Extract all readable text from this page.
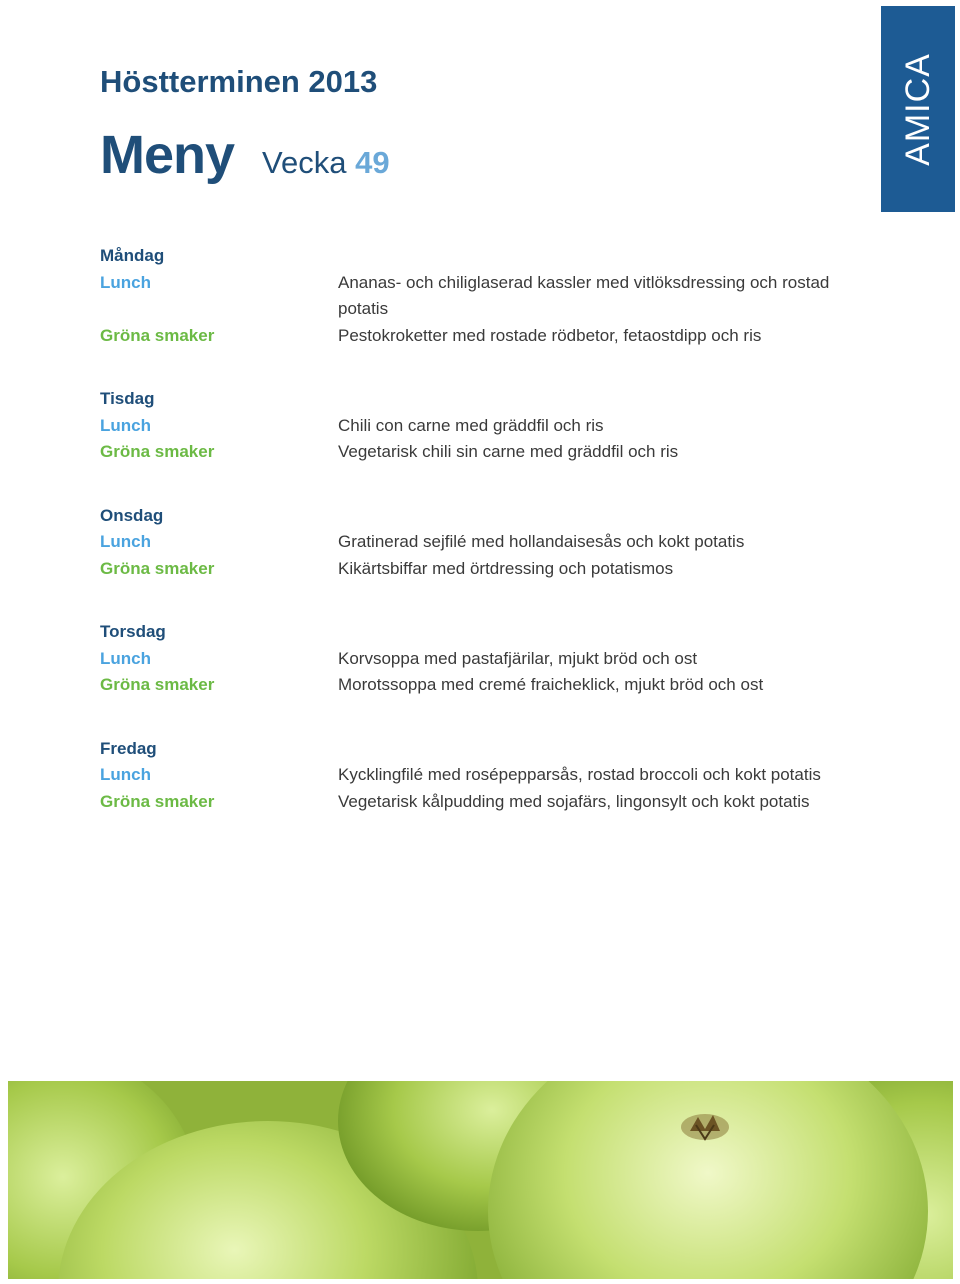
AMICA
Höstterminen 2013
Meny Vecka 49
Måndag
Lunch	Ananas- och chiliglaserad kassler med vitlöksdressing och rostad potatis
Gröna smaker	Pestokroketter med rostade rödbetor, fetaostdipp och ris
Tisdag
Lunch	Chili con carne med gräddfil och ris
Gröna smaker	Vegetarisk chili sin carne med gräddfil och ris
Onsdag
Lunch	Gratinerad sejfilé med hollandaisesås och kokt potatis
Gröna smaker	Kikärtsbiffar med örtdressing och potatismos
Torsdag
Lunch	Korvsoppa med pastafjärilar, mjukt bröd och ost
Gröna smaker	Morotssoppa med cremé fraicheklick, mjukt bröd och ost
Fredag
Lunch	Kycklingfilé med rosépepparsås, rostad broccoli och kokt potatis
Gröna smaker	Vegetarisk kålpudding med sojafärs, lingonsylt och kokt potatis
